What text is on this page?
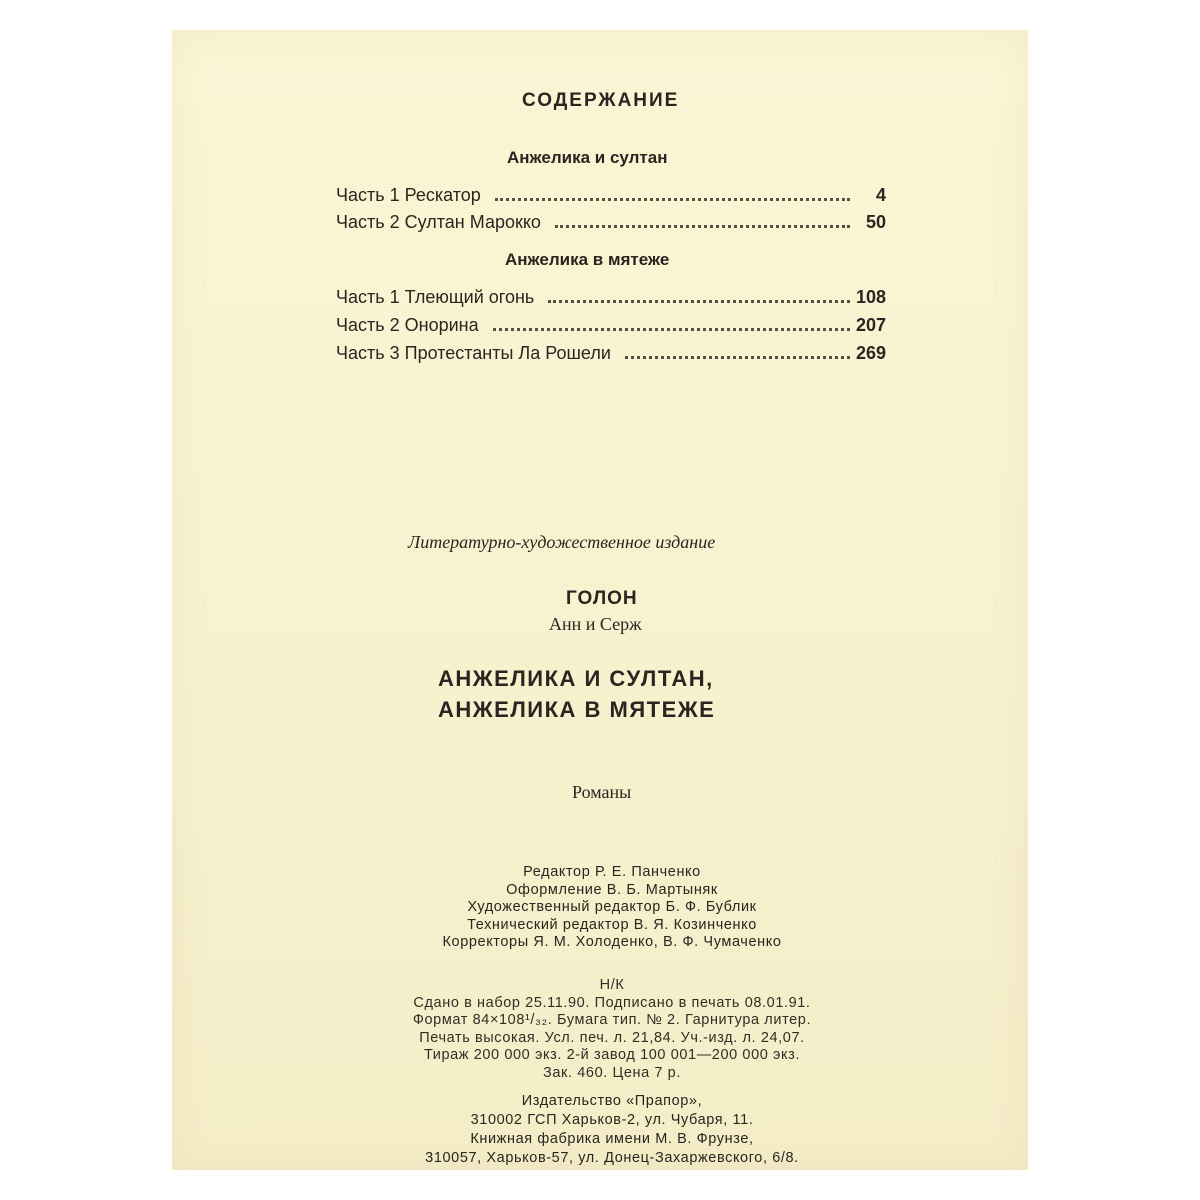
СОДЕРЖАНИЕ
Анжелика и султан
Часть 1 Рескатор	4
Часть 2 Султан Марокко	50
Анжелика в мятеже
Часть 1 Тлеющий огонь	108
Часть 2 Онорина	207
Часть 3 Протестанты Ла Рошели	269
Литературно-художественное издание
ГОЛОН
Анн и Серж
АНЖЕЛИКА И СУЛТАН,
АНЖЕЛИКА В МЯТЕЖЕ
Романы
Редактор Р. Е. Панченко
Оформление В. Б. Мартыняк
Художественный редактор Б. Ф. Бублик
Технический редактор В. Я. Козинченко
Корректоры Я. М. Холоденко, В. Ф. Чумаченко
Н/К
Сдано в набор 25.11.90. Подписано в печать 08.01.91.
Формат 84×108¹/₃₂. Бумага тип. № 2. Гарнитура литер.
Печать высокая. Усл. печ. л. 21,84. Уч.-изд. л. 24,07.
Тираж 200 000 экз. 2-й завод 100 001—200 000 экз.
Зак. 460. Цена 7 р.
Издательство «Прапор»,
310002 ГСП Харьков-2, ул. Чубаря, 11.
Книжная фабрика имени М. В. Фрунзе,
310057, Харьков-57, ул. Донец-Захаржевского, 6/8.
